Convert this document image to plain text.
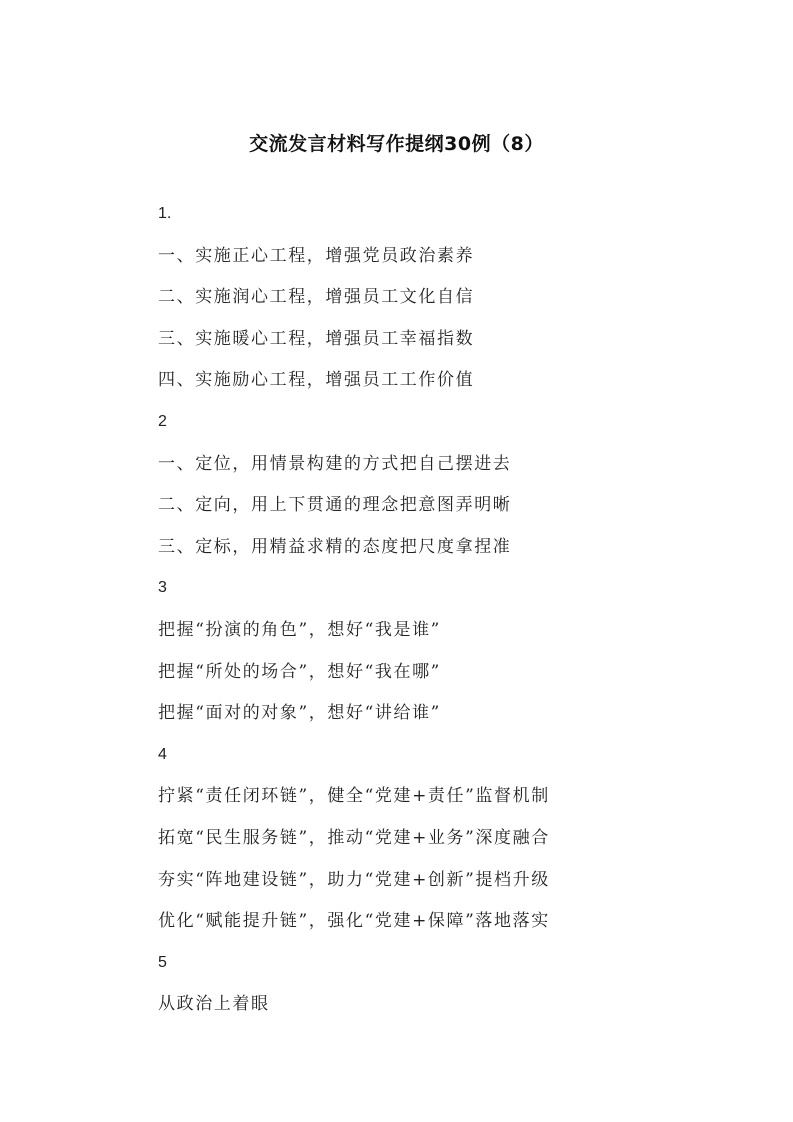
交流发言材料写作提纲30例（8）
1.
一、实施正心工程，增强党员政治素养
二、实施润心工程，增强员工文化自信
三、实施暖心工程，增强员工幸福指数
四、实施励心工程，增强员工工作价值
2
一、定位，用情景构建的方式把自己摆进去
二、定向，用上下贯通的理念把意图弄明晰
三、定标，用精益求精的态度把尺度拿捏准
3
把握“扮演的角色”，想好“我是谁”
把握“所处的场合”，想好“我在哪”
把握“面对的对象”，想好“讲给谁”
4
拧紧“责任闭环链”，健全“党建+责任”监督机制
拓宽“民生服务链”，推动“党建+业务”深度融合
夯实“阵地建设链”，助力“党建+创新”提档升级
优化“赋能提升链”，强化“党建+保障”落地落实
5
从政治上着眼
